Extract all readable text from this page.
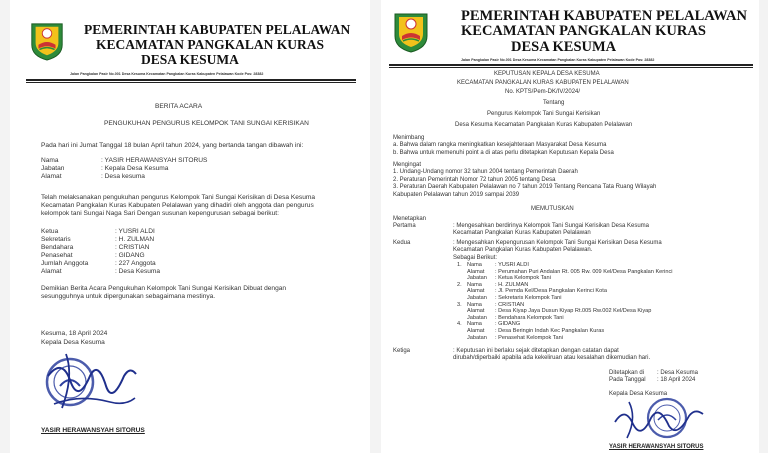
PEMERINTAH KABUPATEN PELALAWAN
KECAMATAN PANGKALAN KURAS
DESA KESUMA
Jalan Pangkalan Pasir No.001 Desa Kesuma Kecamatan Pangkalan Kuras Kabupaten Pelalawan Kode Pos: 28382
BERITA ACARA
PENGUKUHAN PENGURUS KELOMPOK TANI SUNGAI KERISIKAN
Pada hari ini Jumat Tanggal 18 bulan April tahun 2024, yang bertanda tangan dibawah ini:
Nama	: YASIR HERAWANSYAH SITORUS
Jabatan	: Kepala Desa Kesuma
Alamat	: Desa kesuma
Telah melaksanakan pengukuhan pengurus Kelompok Tani Sungai Kerisikan di Desa Kesuma
Kecamatan Pangkalan Kuras Kabupaten Pelalawan yang dihadiri oleh anggota dan pengurus
kelompok tani Sungai Naga Sari Dengan susunan kepengurusan sebagai berikut:
Ketua	: YUSRI ALDI
Sekretaris	: H. ZULMAN
Bendahara	: CRISTIAN
Penasehat	: GIDANG
Jumlah Anggota	: 227 Anggota
Alamat	: Desa Kesuma
Demikian Berita Acara Pengukuhan Kelompok Tani Sungai Kerisikan Dibuat dengan
sesungguhnya untuk dipergunakan sebagaimana mestinya.
Kesuma, 18 April 2024
Kepala Desa Kesuma
YASIR HERAWANSYAH SITORUS
PEMERINTAH KABUPATEN PELALAWAN
KECAMATAN PANGKALAN KURAS
DESA KESUMA
Jalan Pangkalan Pasir No.001 Desa Kesuma Kecamatan Pangkalan Kuras Kabupaten Pelalawan Kode Pos: 28382
KEPUTUSAN KEPALA DESA KESUMA
KECAMATAN PANGKALAN KURAS KABUPATEN PELALAWAN
No. KPTS/Pem-DK/IV/2024/
Tentang
Pengurus Kelompok Tani Sungai Kerisikan
Desa Kesuma Kecamatan Pangkalan Kuras Kabupaten Pelalawan
Menimbang
a. Bahwa dalam rangka meningkatkan kesejahteraan Masyarakat Desa Kesuma
b. Bahwa untuk memenuhi point a di atas perlu ditetapkan Keputusan Kepala Desa
Mengingat
1. Undang-Undang nomor 32 tahun 2004 tentang Pemerintah Daerah
2. Peraturan Pemerintah Nomor 72 tahun 2005 tentang Desa
3. Peraturan Daerah Kabupaten Pelalawan no 7 tahun 2019 Tentang Rencana Tata Ruang Wilayah
Kabupaten Pelalawan tahun 2019 sampai 2039
MEMUTUSKAN
Menetapkan
Pertama	: Mengesahkan berdirinya Kelompok Tani Sungai Kerisikan Desa Kesuma
Kecamatan Pangkalan Kuras Kabupaten Pelalawan
Kedua	: Mengesahkan Kepengurusan Kelompok Tani Sungai Kerisikan Desa Kesuma
Kecamatan Pangkalan Kuras Kabupaten Pelalawan.
Sebagai Berikut:
1. Nama	: YUSRI ALDI
Alamat	: Perumahan Puri Andalan Rt. 005 Rw. 009 Kel/Desa Pangkalan Kerinci
Jabatan	: Ketua Kelompok Tani
2. Nama	: H. ZULMAN
Alamat	: Jl. Pemda Kel/Desa Pangkalan Kerinci Kota
Jabatan	: Sekretaris Kelompok Tani
3. Nama	: CRISTIAN
Alamat	: Desa Kiyap Jaya Dusun Kiyap Rt.005 Rw.002 Kel/Desa Kiyap
Jabatan	: Bendahara Kelompok Tani
4. Nama	: GIDANG
Alamat	: Desa Beringin Indah Kec Pangkalan Kuras
Jabatan	: Penasehat Kelompok Tani
Ketiga	: Keputusan ini berlaku sejak ditetapkan dengan catatan dapat
dirubah/diperbaiki apabila ada kekeliruan atau kesalahan dikemudian hari.
Ditetapkan di	: Desa Kesuma
Pada Tanggal	: 18 April 2024
Kepala Desa Kesuma
YASIR HERAWANSYAH SITORUS
